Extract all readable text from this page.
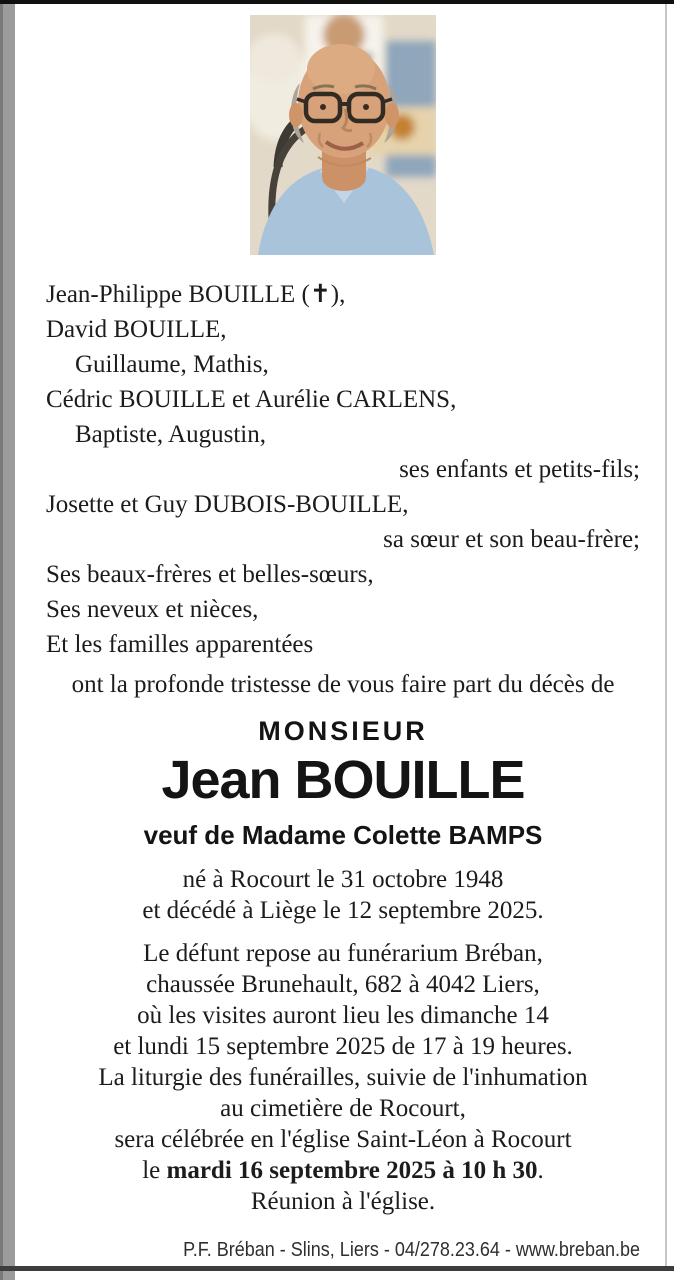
Jean-Philippe BOUILLE (✝),
David BOUILLE,
Guillaume, Mathis,
Cédric BOUILLE et Aurélie CARLENS,
Baptiste, Augustin,
ses enfants et petits-fils;
Josette et Guy DUBOIS-BOUILLE,
sa sœur et son beau-frère;
Ses beaux-frères et belles-sœurs,
Ses neveux et nièces,
Et les familles apparentées
ont la profonde tristesse de vous faire part du décès de
MONSIEUR
Jean BOUILLE
veuf de Madame Colette BAMPS
né à Rocourt le 31 octobre 1948
et décédé à Liège le 12 septembre 2025.
Le défunt repose au funérarium Bréban,
chaussée Brunehault, 682 à 4042 Liers,
où les visites auront lieu les dimanche 14
et lundi 15 septembre 2025 de 17 à 19 heures.
La liturgie des funérailles, suivie de l'inhumation
au cimetière de Rocourt,
sera célébrée en l'église Saint-Léon à Rocourt
le mardi 16 septembre 2025 à 10 h 30.
Réunion à l'église.
P.F. Bréban - Slins, Liers - 04/278.23.64 - www.breban.be
